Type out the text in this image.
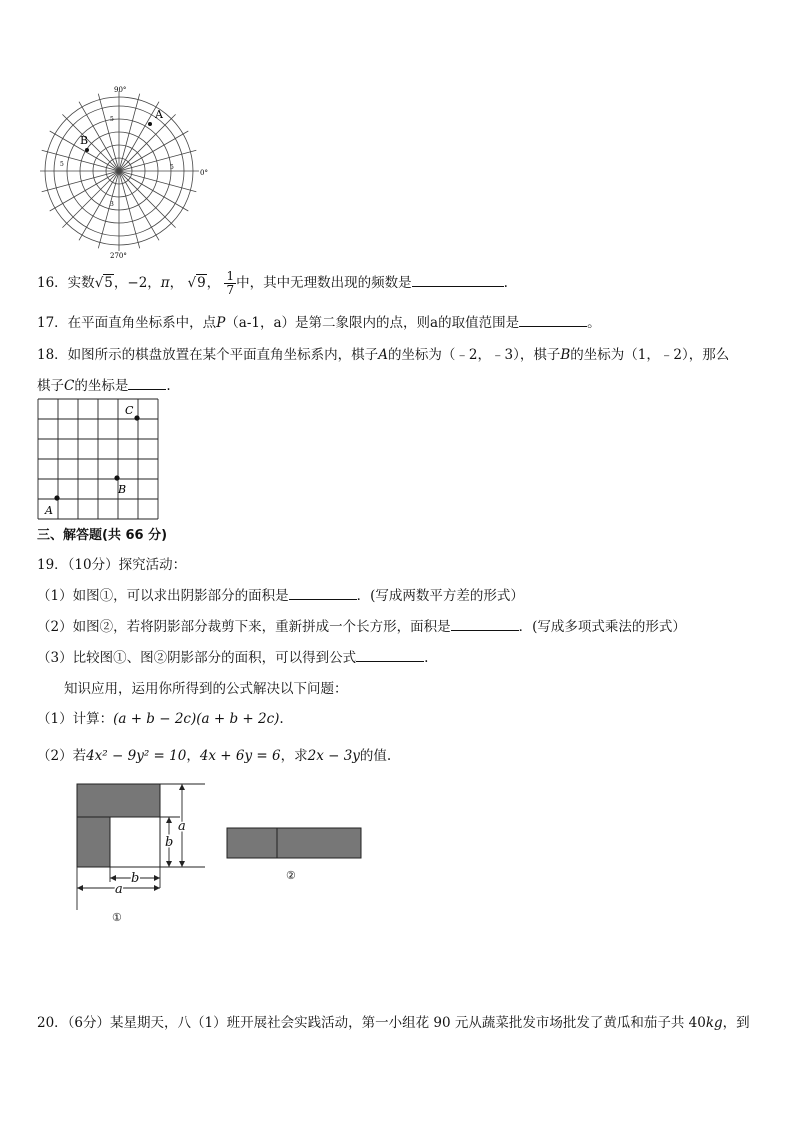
90°
0°
270°
A
B
5	5
5
3
16．实数√5，−2，π， √9， $\frac{1}{7}$ 中，其中无理数出现的频数是	.
17．在平面直角坐标系中，点P（a-1，a）是第二象限内的点，则a的取值范围是	。
18．如图所示的棋盘放置在某个平面直角坐标系内，棋子A的坐标为（﹣2，﹣3），棋子B的坐标为（1，﹣2），那么
棋子C的坐标是	.
A
B
C
三、解答题(共 66 分)
19．（10分）探究活动：
（1）如图①，可以求出阴影部分的面积是	．(写成两数平方差的形式）
（2）如图②，若将阴影部分裁剪下来，重新拼成一个长方形，面积是	．(写成多项式乘法的形式）
（3）比较图①、图②阴影部分的面积，可以得到公式	.
知识应用，运用你所得到的公式解决以下问题：
（1）计算：(a + b − 2c)(a + b + 2c).
（2）若4x² − 9y² = 10，4x + 6y = 6，求2x − 3y的值.
a
b
b
a
①
②
20．（6分）某星期天，八（1）班开展社会实践活动，第一小组花 90 元从蔬菜批发市场批发了黄瓜和茄子共 40kg，到
